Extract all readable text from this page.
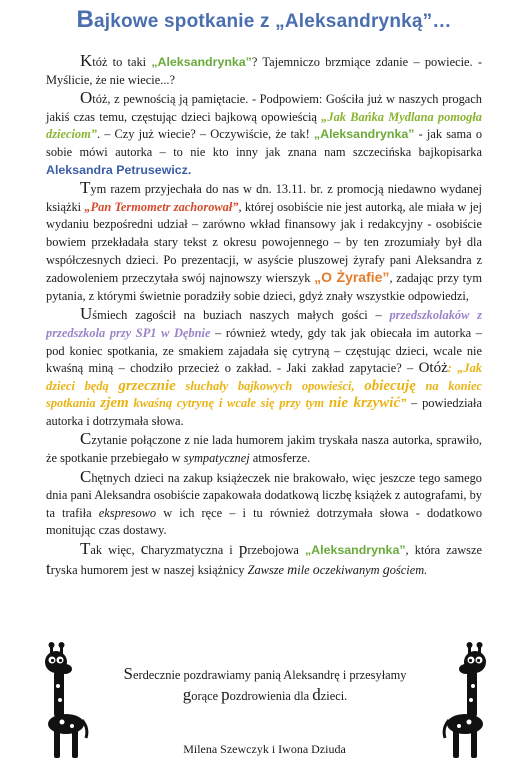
Bajkowe spotkanie z „Aleksandrynką”…

Któż to taki „Aleksandrynka”? Tajemniczo brzmiące zdanie – powiecie. - Myślicie, że nie wiecie...?

Otóż, z pewnością ją pamiętacie. - Podpowiem: Gościła już w naszych progach jakiś czas temu, częstując dzieci bajkową opowieścią „Jak Bańka Mydlana pomogła dzieciom”. – Czy już wiecie? – Oczywiście, że tak! „Aleksandrynka” - jak sama o sobie mówi autorka – to nie kto inny jak znana nam szczecińska bajkopisarka Aleksandra Petrusewicz.

Tym razem przyjechała do nas w dn. 13.11. br. z promocją niedawno wydanej książki „Pan Termometr zachorował”, której osobiście nie jest autorką, ale miała w jej wydaniu bezpośredni udział – zarówno wkład finansowy jak i redakcyjny - osobiście bowiem przekładała stary tekst z okresu powojennego – by ten zrozumiały był dla współczesnych dzieci. Po prezentacji, w asyście pluszowej żyrafy pani Aleksandra z zadowoleniem przeczytała swój najnowszy wierszyk „O Żyrafie”, zadając przy tym pytania, z którymi świetnie poradziły sobie dzieci, gdyż znały wszystkie odpowiedzi,

Uśmiech zagościł na buziach naszych małych gości – przedszkolaków z przedszkola przy SP1 w Dębnie – również wtedy, gdy tak jak obiecała im autorka – pod koniec spotkania, ze smakiem zajadała się cytryną – częstując dzieci, wcale nie kwaśną miną – chodziło przecież o zakład. - Jaki zakład zapytacie? – Otóż: „Jak dzieci będą grzecznie słuchały bajkowych opowieści, obiecuję na koniec spotkania zjem kwaśną cytrynę i wcale się przy tym nie krzywić” – powiedziała autorka i dotrzymała słowa.

Czytanie połączone z nie lada humorem jakim tryskała nasza autorka, sprawiło, że spotkanie przebiegało w sympatycznej atmosferze.

Chętnych dzieci na zakup książeczek nie brakowało, więc jeszcze tego samego dnia pani Aleksandra osobiście zapakowała dodatkową liczbę książek z autografami, by ta trafiła ekspresowo w ich ręce – i tu również dotrzymała słowa - dodatkowo monitując czas dostawy.

Tak więc, charyzmatyczna i przebojowa „Aleksandrynka”, która zawsze tryska humorem jest w naszej książnicy Zawsze mile oczekiwanym gościem.

Serdecznie pozdrawiamy panią Aleksandrę i przesyłamy
gorące pozdrowienia dla dzieci.
Milena Szewczyk i Iwona Dziuda
